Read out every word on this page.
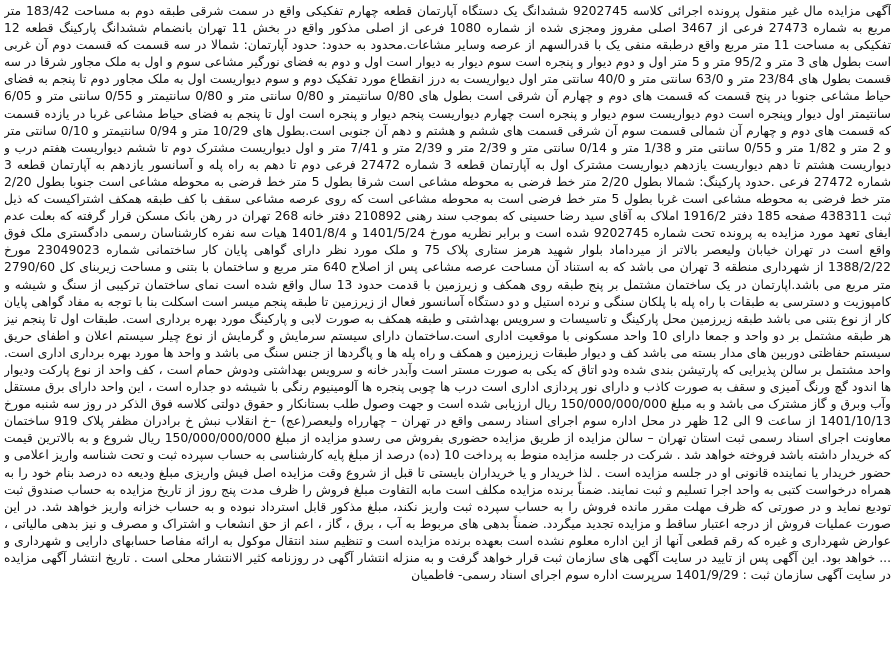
آگهی مزایده مال غیر منقول پرونده اجرائی کلاسه 9202745 ششدانگ یک دستگاه آپارتمان قطعه چهارم تفکیکی واقع در سمت شرقی طبقه دوم به مساحت 183/42 متر مربع به شماره 27473 فرعی از 3467 اصلی مفروز ومجزی شده از شماره 1080 فرعی از اصلی مذکور واقع در بخش 11 تهران بانضمام ششدانگ پارکینگ قطعه 12 تفکیکی به مساحت 11 متر مربع واقع درطبقه منفی یک با قدرالسهم از عرصه وسایر مشاعات.محدود به حدود: حدود آپارتمان: شمالا در سه قسمت که قسمت دوم آن غربی است بطول های 3 متر و 95/2 متر و 5 متر اول و دوم دیوار و پنجره است سوم دیوار به دیوار است اول و دوم به فضای نورگیر مشاعی سوم و اول به ملک مجاور شرقا در سه قسمت بطول های 23/84 متر و 63/0 سانتی متر و 40/0 سانتی متر اول دیواریست به درز انقطاع مورد تفکیک دوم و سوم دیواریست اول به ملک مجاور دوم تا پنجم به فضای حیاط مشاعی جنوبا در پنج قسمت که قسمت های دوم و چهارم آن شرقی است بطول های 0/80 سانتیمتر و 0/80 سانتی متر و 0/80 سانتیمتر و 0/55 سانتی متر و 6/05 سانتیمتر اول دیوار وپنجره است دوم دیواریست سوم دیوار و پنجره است چهارم دیواریست پنجم دیوار و پنجره است اول تا پنجم به فضای حیاط مشاعی غربا در یازده قسمت که قسمت های دوم و چهارم آن شمالی قسمت سوم آن شرقی قسمت های ششم و هشتم و دهم آن جنوبی است.بطول های 10/29 متر و 0/94 سانتیمتر و 0/10 سانتی متر و 2 متر و 1/82 متر و 0/55 سانتی متر و 1/38 متر و 0/14 سانتی متر و 2/39 متر و 2/39 متر و 7/41 متر و اول دیواریست مشترک دوم تا ششم دیواریست هفتم درب و دیواریست هشتم تا دهم دیواریست یازدهم دیواریست مشترک اول به آپارتمان قطعه 3 شماره 27472 فرعی دوم تا دهم به راه پله و آسانسور یازدهم به آپارتمان قطعه 3 شماره 27472 فرعی .حدود پارکینگ: شمالا بطول 2/20 متر خط فرضی به محوطه مشاعی است شرقا بطول 5 متر خط فرضی به محوطه مشاعی است جنوبا بطول 2/20 متر خط فرضی به محوطه مشاعی است غربا بطول 5 متر خط فرضی است به محوطه مشاعی است که روی عرصه مشاعی سقف با کف طبقه همکف اشتراکیست که ذیل ثبت 438311 صفحه 185 دفتر 1916/2 املاک به آقای سید رضا حسینی که بموجب سند رهنی 210892 دفتر خانه 268 تهران در رهن بانک مسکن قرار گرفته که بعلت عدم ایفای تعهد مورد مزایده به پرونده تحت شماره 9202745 شده است و برابر نظریه مورخ 1401/5/24 و 1401/8/4 هیات سه نفره کارشناسان رسمی دادگستری ملک فوق واقع است در تهران خیابان ولیعصر بالاتر از میرداماد بلوار شهید هرمز ستاری پلاک 75 و ملک مورد نظر دارای گواهی پایان کار ساختمانی شماره 23049023 مورخ 1388/2/22 از شهرداری منطقه 3 تهران می باشد که به استناد آن مساحت عرصه مشاعی پس از اصلاح 640 متر مربع و ساختمان با بتنی و مساحت زیربنای کل 2790/60 متر مربع می باشد.اپارتمان در یک ساختمان مشتمل بر پنج طبقه روی همکف و زیرزمین با قدمت حدود 13 سال واقع شده است نمای ساختمان ترکیبی از سنگ و شیشه و کامپوزیت و دسترسی به طبقات با راه پله با پلکان سنگی و نرده استیل و دو دستگاه آسانسور فعال از زیرزمین تا طبقه پنجم میسر است اسکلت بنا با توجه به مفاد گواهی پایان کار از نوع بتنی می باشد طبقه زیرزمین محل پارکینگ و تاسیسات و سرویس بهداشتی و طبقه همکف به صورت لابی و پارکینگ مورد بهره برداری است. طبقات اول تا پنجم نیز هر طبقه مشتمل بر دو واحد و جمعا دارای 10 واحد مسکونی با موقعیت اداری است.ساختمان دارای سیستم سرمایش و گرمایش از نوع چیلر سیستم اعلان و اطفای حریق سیستم حفاظتی دوربین های مدار بسته می باشد کف و دیوار طبقات زیرزمین و همکف و راه پله ها و پاگردها از جنس سنگ می باشد و واحد ها مورد بهره برداری اداری است. واحد مشتمل بر سالن پذیرایی که پارتیشن بندی شده ودو اتاق که یکی به صورت مستر است وآبدر خانه و سرویس بهداشتی ودوش حمام است ، کف واحد از نوع پارکت ودیوار ها اندود گچ ورنگ آمیزی و سقف به صورت کاذب و دارای نور پردازی اداری است درب ها چوبی پنجره ها آلومینیوم رنگی با شیشه دو جداره است ، این واحد دارای برق مستقل وآب وبرق و گاز مشترک می باشد و به مبلغ 150/000/000/000 ریال ارزیابی شده است و جهت وصول طلب بستانکار و حقوق دولتی کلاسه فوق الذکر در روز سه شنبه مورخ 1401/10/13 از ساعت 9 الی 12 ظهر در محل اداره سوم اجرای اسناد رسمی واقع در تهران – چهارراه ولیعصر(عج) –خ انقلاب نبش خ برادران مظفر پلاک 919 ساختمان معاونت اجرای اسناد رسمی ثبت استان تهران – سالن مزایده از طریق مزایده حضوری بفروش می رسدو مزایده از مبلغ 150/000/000/000 ریال شروع و به بالاترین قیمت که خریدار داشته باشد فروخته خواهد شد . شرکت در جلسه مزایده منوط به پرداخت 10 (ده) درصد از مبلغ پایه کارشناسی به حساب سپرده ثبت و تحت شناسه واریز اعلامی و حضور خریدار یا نماینده قانونی او در جلسه مزایده است . لذا خریدار و یا خریداران بایستی تا قبل از شروع وقت مزایده اصل فیش واریزی مبلغ ودیعه ده درصد بنام خود را به همراه درخواست کتبی به واحد اجرا تسلیم و ثبت نمایند. ضمناً برنده مزایده مکلف است مابه التفاوت مبلغ فروش را ظرف مدت پنج روز از تاریخ مزایده به حساب صندوق ثبت تودیع نماید و در صورتی که ظرف مهلت مقرر مانده فروش را به حساب سپرده ثبت واریز نکند، مبلغ مذکور قابل استرداد نبوده و به حساب خزانه واریز خواهد شد. در این صورت عملیات فروش از درجه اعتبار ساقط و مزایده تجدید میگردد. ضمناً بدهی های مربوط به آب ، برق ، گاز ، اعم از حق انشعاب و اشتراک و مصرف و نیز بدهی مالیاتی ، عوارض شهرداری و غیره که رقم قطعی آنها از این اداره معلوم نشده است بعهده برنده مزایده است و تنظیم سند انتقال موکول به ارائه مفاصا حسابهای دارایی و شهرداری و ... خواهد بود. این آگهی پس از تایید در سایت آگهی های سازمان ثبت قرار خواهد گرفت و به منزله انتشار آگهی در روزنامه کثیر الانتشار محلی است . تاریخ انتشار آگهی مزایده در سایت آگهی سازمان ثبت : 1401/9/29 سرپرست اداره سوم اجرای اسناد رسمی- فاطمیان
